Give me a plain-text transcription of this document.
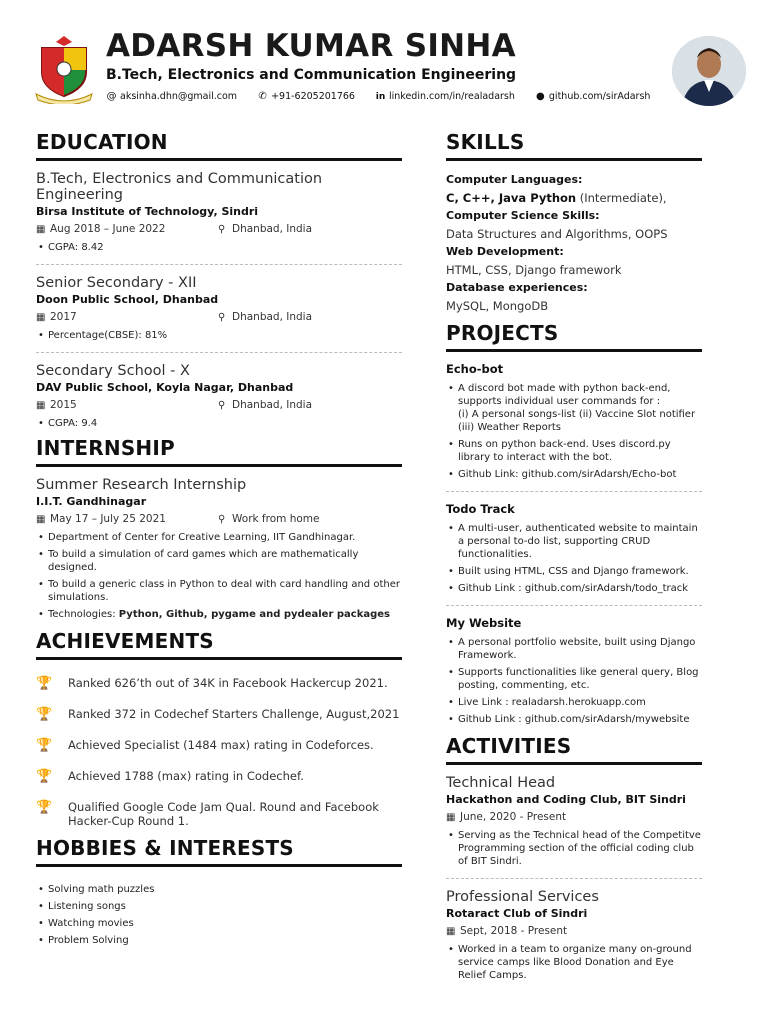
ADARSH KUMAR SINHA
B.Tech, Electronics and Communication Engineering
@ aksinha.dhn@gmail.com ✆ +91-6205201766 in linkedin.com/in/realadarsh ● github.com/sirAdarsh
EDUCATION
B.Tech, Electronics and Communication Engineering
Birsa Institute of Technology, Sindri
▦ Aug 2018 – June 2022	⚲ Dhanbad, India
• CGPA: 8.42
Senior Secondary - XII
Doon Public School, Dhanbad
▦ 2017	⚲ Dhanbad, India
• Percentage(CBSE): 81%
Secondary School - X
DAV Public School, Koyla Nagar, Dhanbad
▦ 2015	⚲ Dhanbad, India
• CGPA: 9.4
INTERNSHIP
Summer Research Internship
I.I.T. Gandhinagar
▦ May 17 – July 25 2021	⚲ Work from home
• Department of Center for Creative Learning, IIT Gandhinagar.
• To build a simulation of card games which are mathematically designed.
• To build a generic class in Python to deal with card handling and other simulations.
• Technologies: Python, Github, pygame and pydealer packages
ACHIEVEMENTS
🏆	Ranked 626’th out of 34K in Facebook Hackercup 2021.
🏆	Ranked 372 in Codechef Starters Challenge, August,2021
🏆	Achieved Specialist (1484 max) rating in Codeforces.
🏆	Achieved 1788 (max) rating in Codechef.
🏆	Qualified Google Code Jam Qual. Round and Facebook Hacker-Cup Round 1.
HOBBIES & INTERESTS
• Solving math puzzles
• Listening songs
• Watching movies
• Problem Solving
SKILLS
Computer Languages:
C, C++, Java Python (Intermediate),
Computer Science Skills:
Data Structures and Algorithms, OOPS
Web Development:
HTML, CSS, Django framework
Database experiences:
MySQL, MongoDB
PROJECTS
Echo-bot
• A discord bot made with python back-end, supports individual user commands for :
(i) A personal songs-list (ii) Vaccine Slot notifier
(iii) Weather Reports
• Runs on python back-end. Uses discord.py library to interact with the bot.
• Github Link: github.com/sirAdarsh/Echo-bot
Todo Track
• A multi-user, authenticated website to maintain a personal to-do list, supporting CRUD functionalities.
• Built using HTML, CSS and Django framework.
• Github Link : github.com/sirAdarsh/todo_track
My Website
• A personal portfolio website, built using Django Framework.
• Supports functionalities like general query, Blog posting, commenting, etc.
• Live Link : realadarsh.herokuapp.com
• Github Link : github.com/sirAdarsh/mywebsite
ACTIVITIES
Technical Head
Hackathon and Coding Club, BIT Sindri
▦ June, 2020 - Present
• Serving as the Technical head of the Competitve Programming section of the official coding club of BIT Sindri.
Professional Services
Rotaract Club of Sindri
▦ Sept, 2018 - Present
• Worked in a team to organize many on-ground service camps like Blood Donation and Eye Relief Camps.
